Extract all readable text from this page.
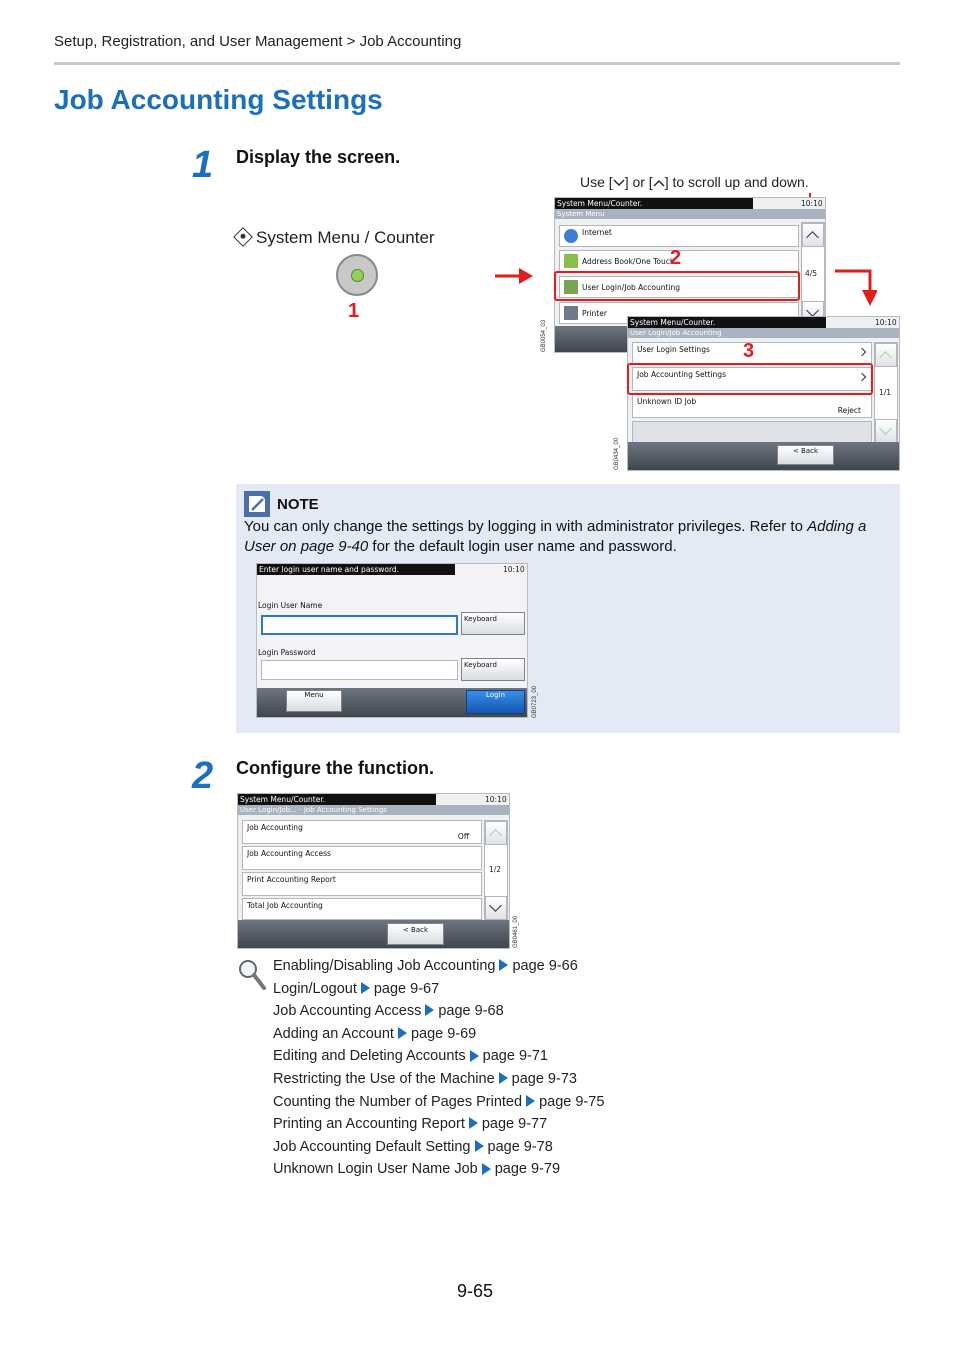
Setup, Registration, and User Management > Job Accounting
Job Accounting Settings
1 Display the screen.
Use [ ] or [ ] to scroll up and down.
System Menu / Counter
1
System Menu/Counter.	10:10
System Menu
Internet
Address Book/One Touch
User Login/Job Accounting
Printer
4/5
GB0054_03
2
System Menu/Counter.	10:10
User Login/Job Accounting
User Login Settings
Job Accounting Settings
Unknown ID Job
Reject
1/1
< Back
GB0434_00
3
NOTE
You can only change the settings by logging in with administrator privileges. Refer to Adding a User on page 9-40 for the default login user name and password.
Enter login user name and password.	10:10
Login User Name
Keyboard
Login Password
Keyboard
Menu	Login	GB0723_00
2 Configure the function.
System Menu/Counter.	10:10
User Login/Job... - Job Accounting Settings
Job Accounting
Off
Job Accounting Access
Print Accounting Report
Total Job Accounting
1/2
< Back	GB0461_00
Enabling/Disabling Job Accounting page 9-66
Login/Logout page 9-67
Job Accounting Access page 9-68
Adding an Account page 9-69
Editing and Deleting Accounts page 9-71
Restricting the Use of the Machine page 9-73
Counting the Number of Pages Printed page 9-75
Printing an Accounting Report page 9-77
Job Accounting Default Setting page 9-78
Unknown Login User Name Job page 9-79
9-65
